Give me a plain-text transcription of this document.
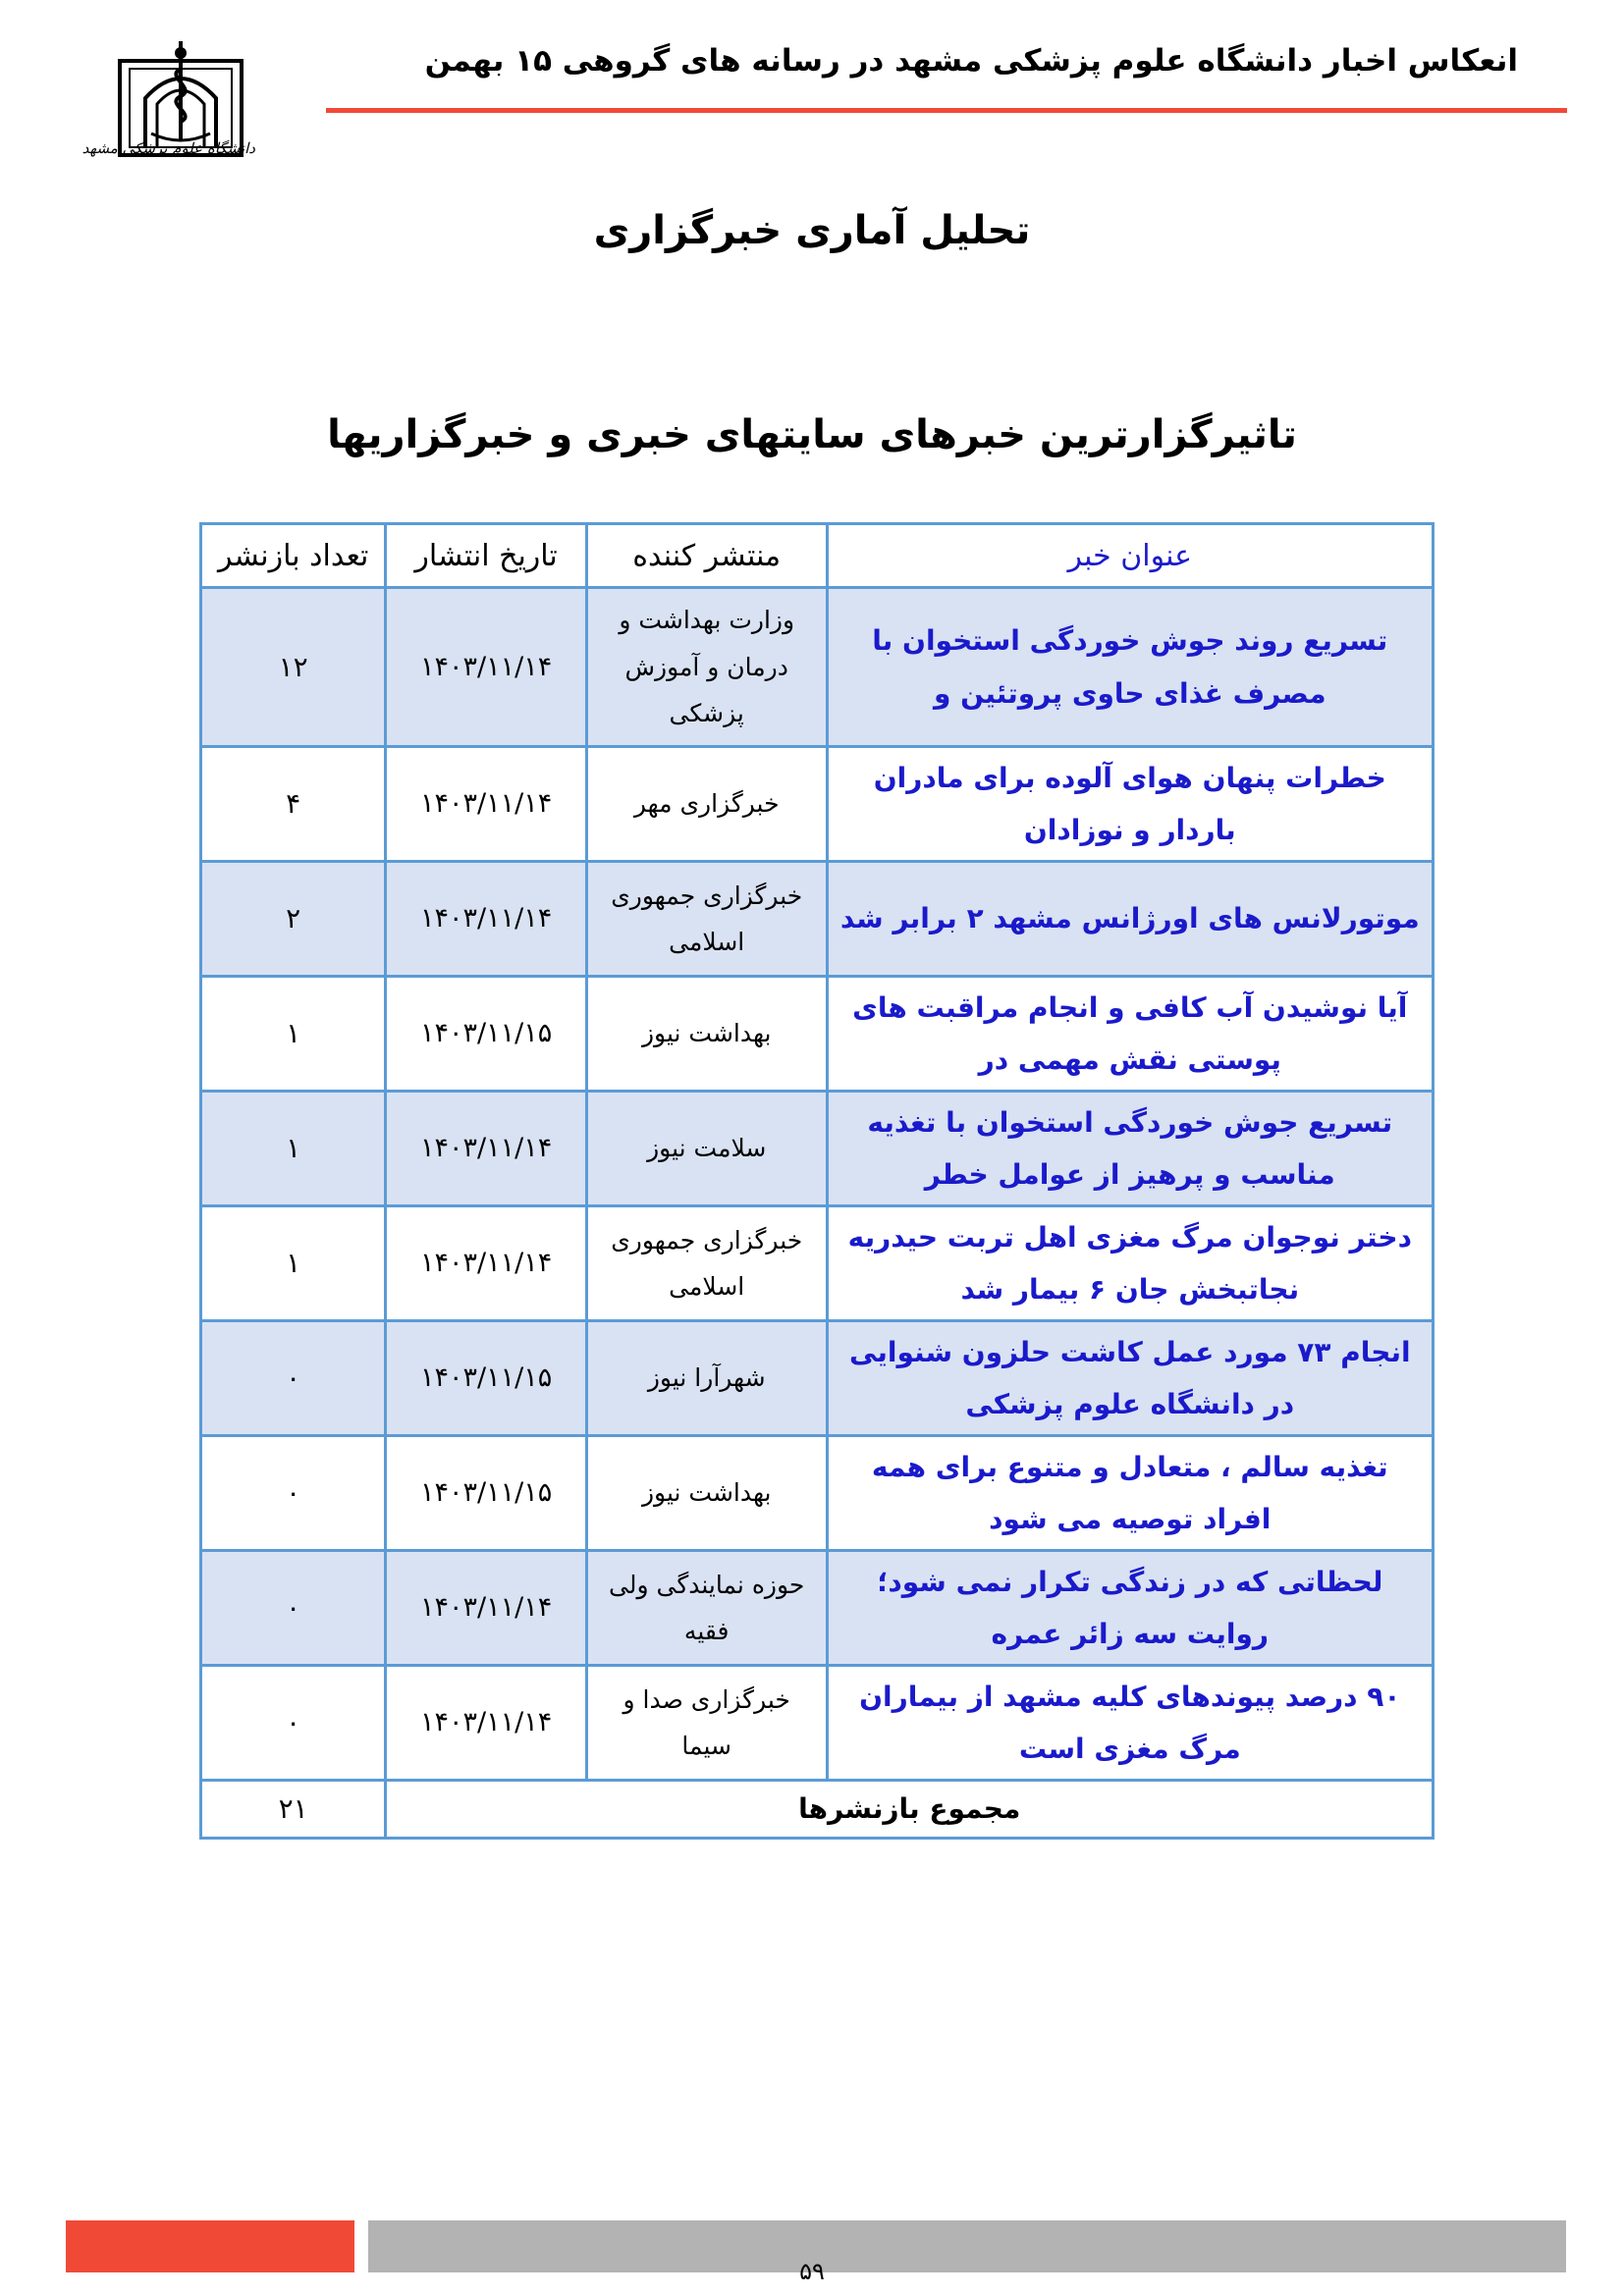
انعکاس اخبار دانشگاه علوم پزشکی مشهد در رسانه های گروهی ۱۵ بهمن
دانشگاه علوم پزشکی مشهد
تحلیل آماری خبرگزاری
تاثیرگزارترین خبرهای سایتهای خبری و خبرگزاریها
عنوان خبر	منتشر کننده	تاریخ انتشار	تعداد بازنشر
تسریع روند جوش خوردگی استخوان با مصرف غذای حاوی پروتئین و	وزارت بهداشت و درمان و آموزش پزشکی	۱۴۰۳/۱۱/۱۴	۱۲
خطرات پنهان هوای آلوده برای مادران باردار و نوزادان	خبرگزاری مهر	۱۴۰۳/۱۱/۱۴	۴
موتورلانس های اورژانس مشهد ۲ برابر شد	خبرگزاری جمهوری اسلامی	۱۴۰۳/۱۱/۱۴	۲
آیا نوشیدن آب کافی و انجام مراقبت های پوستی نقش مهمی در	بهداشت نیوز	۱۴۰۳/۱۱/۱۵	۱
تسریع جوش خوردگی استخوان با تغذیه مناسب و پرهیز از عوامل خطر	سلامت نیوز	۱۴۰۳/۱۱/۱۴	۱
دختر نوجوان مرگ مغزی اهل تربت حیدریه نجاتبخش جان ۶ بیمار شد	خبرگزاری جمهوری اسلامی	۱۴۰۳/۱۱/۱۴	۱
انجام ۷۳ مورد عمل کاشت حلزون شنوایی در دانشگاه علوم پزشکی	شهرآرا نیوز	۱۴۰۳/۱۱/۱۵	۰
تغذیه سالم ، متعادل و متنوع برای همه افراد توصیه می شود	بهداشت نیوز	۱۴۰۳/۱۱/۱۵	۰
لحظاتی که در زندگی تکرار نمی شود؛ روایت سه زائر عمره	حوزه نمایندگی ولی فقیه	۱۴۰۳/۱۱/۱۴	۰
۹۰ درصد پیوندهای کلیه مشهد از بیماران مرگ مغزی است	خبرگزاری صدا و سیما	۱۴۰۳/۱۱/۱۴	۰
مجموع بازنشرها			۲۱
۵۹
